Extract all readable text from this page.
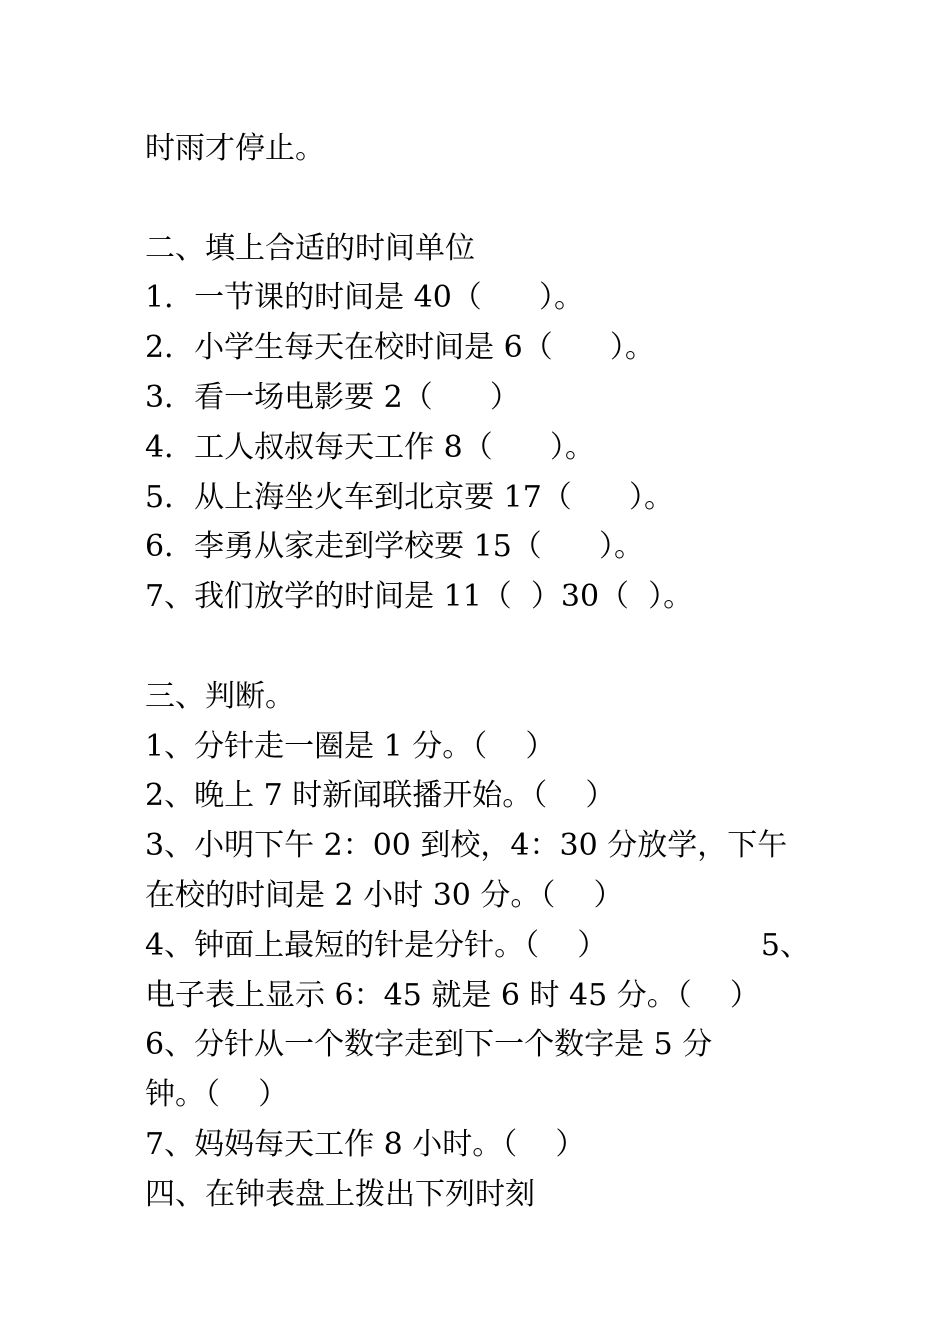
时雨才停止。
二、填上合适的时间单位
1．一节课的时间是 40（      ）。
2．小学生每天在校时间是 6（      ）。
3．看一场电影要 2（      ）
4．工人叔叔每天工作 8（      ）。
5．从上海坐火车到北京要 17（      ）。
6．李勇从家走到学校要 15（      ）。
7、我们放学的时间是 11（  ）30（  ）。
三、判断。
1、分针走一圈是 1 分。（    ）
2、晚上 7 时新闻联播开始。（    ）
3、小明下午 2：00 到校，4：30 分放学，下午
在校的时间是 2 小时 30 分。（    ）
4、钟面上最短的针是分针。（    ）	5、
电子表上显示 6：45 就是 6 时 45 分。（    ）
6、分针从一个数字走到下一个数字是 5 分
钟。（    ）
7、妈妈每天工作 8 小时。（    ）
四、在钟表盘上拨出下列时刻
